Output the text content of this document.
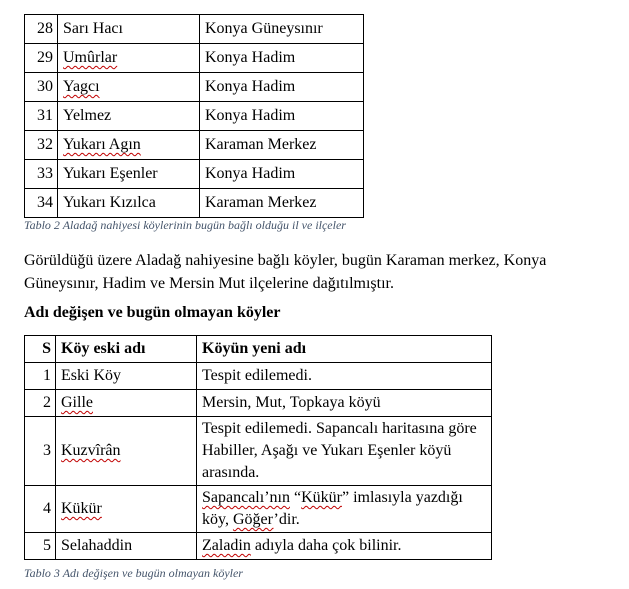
28	Sarı Hacı	Konya Güneysınır
29	Umûrlar	Konya Hadim
30	Yagcı	Konya Hadim
31	Yelmez	Konya Hadim
32	Yukarı Agın	Karaman Merkez
33	Yukarı Eşenler	Konya Hadim
34	Yukarı Kızılca	Karaman Merkez
Tablo 2 Aladağ nahiyesi köylerinin bugün bağlı olduğu il ve ilçeler

Görüldüğü üzere Aladağ nahiyesine bağlı köyler, bugün Karaman merkez, Konya Güneysınır, Hadim ve Mersin Mut ilçelerine dağıtılmıştır.

Adı değişen ve bugün olmayan köyler

S	Köy eski adı	Köyün yeni adı
1	Eski Köy	Tespit edilemedi.
2	Gille	Mersin, Mut, Topkaya köyü
3	Kuzvîrân	Tespit edilemedi. Sapancalı haritasına göre Habiller, Aşağı ve Yukarı Eşenler köyü arasında.
4	Kükür	Sapancalı’nın “Kükür” imlasıyla yazdığı köy, Göğer’dir.
5	Selahaddin	Zaladin adıyla daha çok bilinir.
Tablo 3 Adı değişen ve bugün olmayan köyler
